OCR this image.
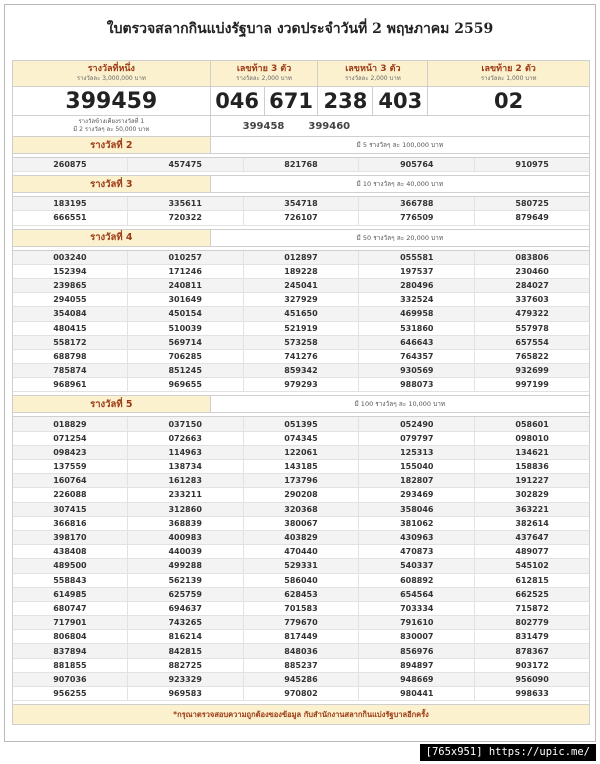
ใบตรวจสลากกินแบ่งรัฐบาล งวดประจำวันที่ 2 พฤษภาคม 2559
รางวัลที่หนึ่ง
รางวัลละ 3,000,000 บาท
เลขท้าย 3 ตัว
รางวัลละ 2,000 บาท
เลขหน้า 3 ตัว
รางวัลละ 2,000 บาท
เลขท้าย 2 ตัว
รางวัลละ 1,000 บาท
399459	046 671 238 403	02
รางวัลข้างเคียงรางวัลที่ 1
มี 2 รางวัลๆ ละ 50,000 บาท	399458 399460
รางวัลที่ 2	มี 5 รางวัลๆ ละ 100,000 บาท
260875	457475	821768	905764	910975
รางวัลที่ 3	มี 10 รางวัลๆ ละ 40,000 บาท
183195	335611	354718	366788	580725
666551	720322	726107	776509	879649
รางวัลที่ 4	มี 50 รางวัลๆ ละ 20,000 บาท
003240	010257	012897	055581	083806
152394	171246	189228	197537	230460
239865	240811	245041	280496	284027
294055	301649	327929	332524	337603
354084	450154	451650	469958	479322
480415	510039	521919	531860	557978
558172	569714	573258	646643	657554
688798	706285	741276	764357	765822
785874	851245	859342	930569	932699
968961	969655	979293	988073	997199
รางวัลที่ 5	มี 100 รางวัลๆ ละ 10,000 บาท
018829	037150	051395	052490	058601
071254	072663	074345	079797	098010
098423	114963	122061	125313	134621
137559	138734	143185	155040	158836
160764	161283	173796	182807	191227
226088	233211	290208	293469	302829
307415	312860	320368	358046	363221
366816	368839	380067	381062	382614
398170	400983	403829	430963	437647
438408	440039	470440	470873	489077
489500	499288	529331	540337	545102
558843	562139	586040	608892	612815
614985	625759	628453	654564	662525
680747	694637	701583	703334	715872
717901	743265	779670	791610	802779
806804	816214	817449	830007	831479
837894	842815	848036	856976	878367
881855	882725	885237	894897	903172
907036	923329	945286	948669	956090
956255	969583	970802	980441	998633
*กรุณาตรวจสอบความถูกต้องของข้อมูล กับสำนักงานสลากกินแบ่งรัฐบาลอีกครั้ง
[765x951] https://upic.me/
